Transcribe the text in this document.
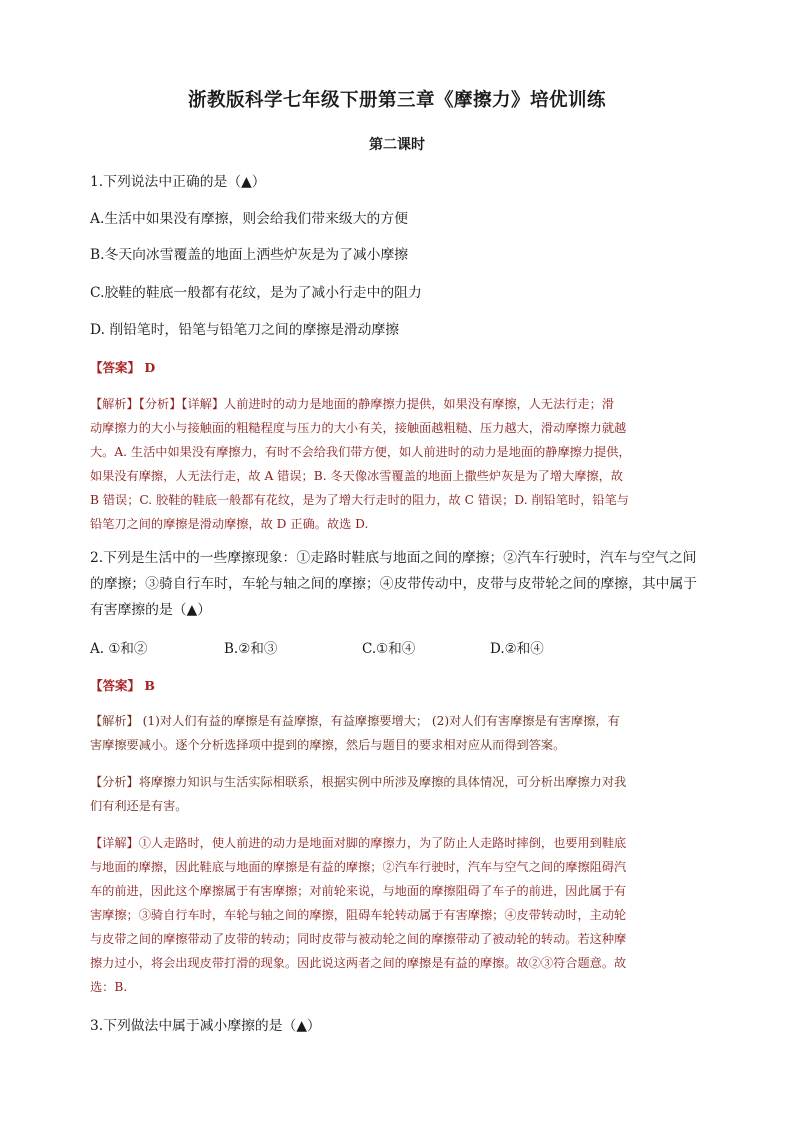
浙教版科学七年级下册第三章《摩擦力》培优训练
第二课时
1.下列说法中正确的是（▲）
A.生活中如果没有摩擦，则会给我们带来级大的方便
B.冬天向冰雪覆盖的地面上洒些炉灰是为了减小摩擦
C.胶鞋的鞋底一般都有花纹，是为了减小行走中的阻力
D. 削铅笔时，铅笔与铅笔刀之间的摩擦是滑动摩擦
【答案】 D
【解析】【分析】【详解】人前进时的动力是地面的静摩擦力提供，如果没有摩擦，人无法行走；滑
动摩擦力的大小与接触面的粗糙程度与压力的大小有关，接触面越粗糙、压力越大，滑动摩擦力就越
大。A. 生活中如果没有摩擦力，有时不会给我们带方便，如人前进时的动力是地面的静摩擦力提供，
如果没有摩擦，人无法行走，故 A 错误；B. 冬天像冰雪覆盖的地面上撒些炉灰是为了增大摩擦，故
B 错误；C. 胶鞋的鞋底一般都有花纹，是为了增大行走时的阻力，故 C 错误；D. 削铅笔时，铅笔与
铅笔刀之间的摩擦是滑动摩擦，故 D 正确。故选 D.
2.下列是生活中的一些摩擦现象：①走路时鞋底与地面之间的摩擦；②汽车行驶时，汽车与空气之间
的摩擦；③骑自行车时，车轮与轴之间的摩擦；④皮带传动中，皮带与皮带轮之间的摩擦，其中属于
有害摩擦的是（▲）
A. ①和②	B.②和③	C.①和④	D.②和④
【答案】 B
【解析】 (1)对人们有益的摩擦是有益摩擦，有益摩擦要增大； (2)对人们有害摩擦是有害摩擦，有
害摩擦要减小。逐个分析选择项中提到的摩擦，然后与题目的要求相对应从而得到答案。
【分析】将摩擦力知识与生活实际相联系，根据实例中所涉及摩擦的具体情况，可分析出摩擦力对我
们有利还是有害。
【详解】①人走路时，使人前进的动力是地面对脚的摩擦力，为了防止人走路时摔倒，也要用到鞋底
与地面的摩擦，因此鞋底与地面的摩擦是有益的摩擦；②汽车行驶时，汽车与空气之间的摩擦阻碍汽
车的前进，因此这个摩擦属于有害摩擦；对前轮来说，与地面的摩擦阻碍了车子的前进，因此属于有
害摩擦；③骑自行车时，车轮与轴之间的摩擦，阻碍车轮转动属于有害摩擦；④皮带转动时，主动轮
与皮带之间的摩擦带动了皮带的转动；同时皮带与被动轮之间的摩擦带动了被动轮的转动。若这种摩
擦力过小，将会出现皮带打滑的现象。因此说这两者之间的摩擦是有益的摩擦。故②③符合题意。故
选：B.
3.下列做法中属于减小摩擦的是（▲）
